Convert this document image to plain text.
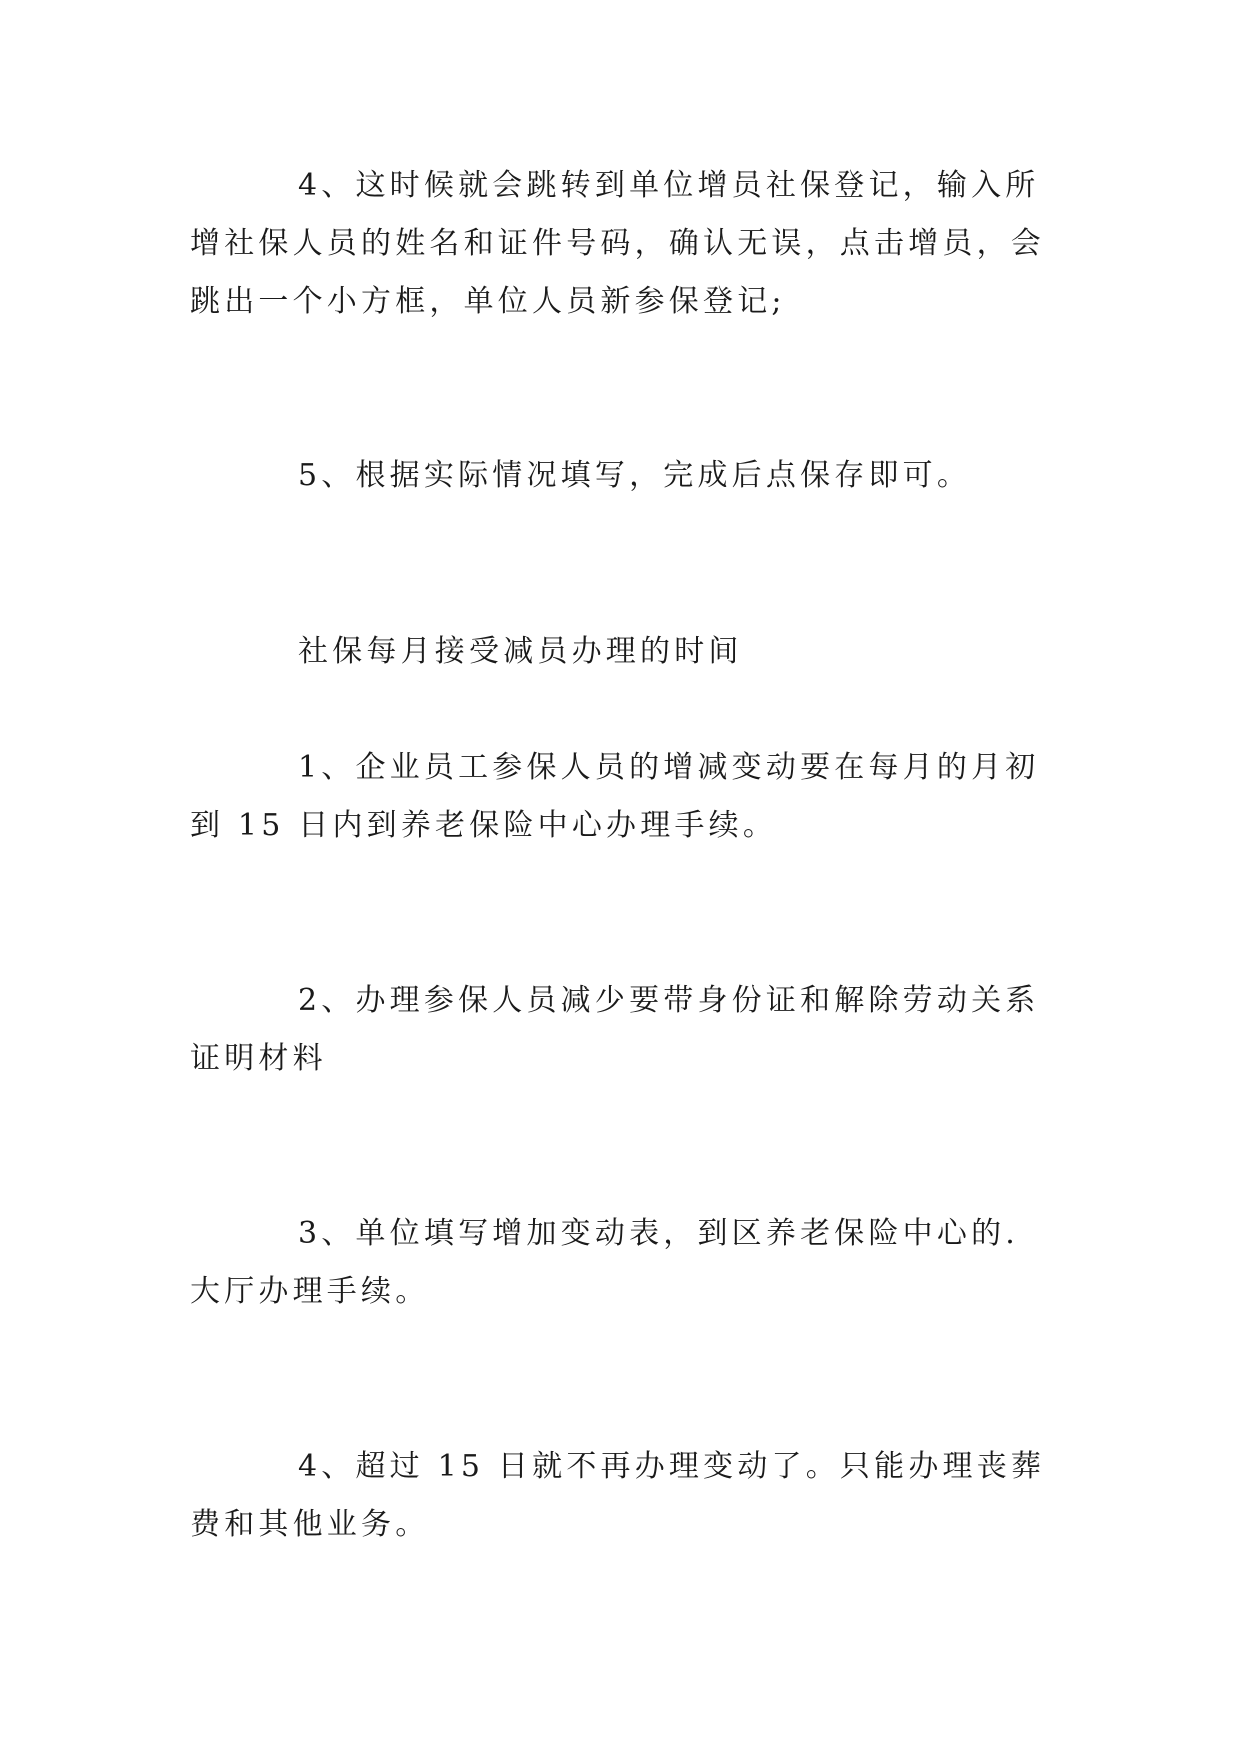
4、这时候就会跳转到单位增员社保登记，输入所增社保人员的姓名和证件号码，确认无误，点击增员，会跳出一个小方框，单位人员新参保登记;

5、根据实际情况填写，完成后点保存即可。

社保每月接受减员办理的时间

1、企业员工参保人员的增减变动要在每月的月初到 15 日内到养老保险中心办理手续。

2、办理参保人员减少要带身份证和解除劳动关系证明材料

3、单位填写增加变动表，到区养老保险中心的.大厅办理手续。

4、超过 15 日就不再办理变动了。只能办理丧葬费和其他业务。
